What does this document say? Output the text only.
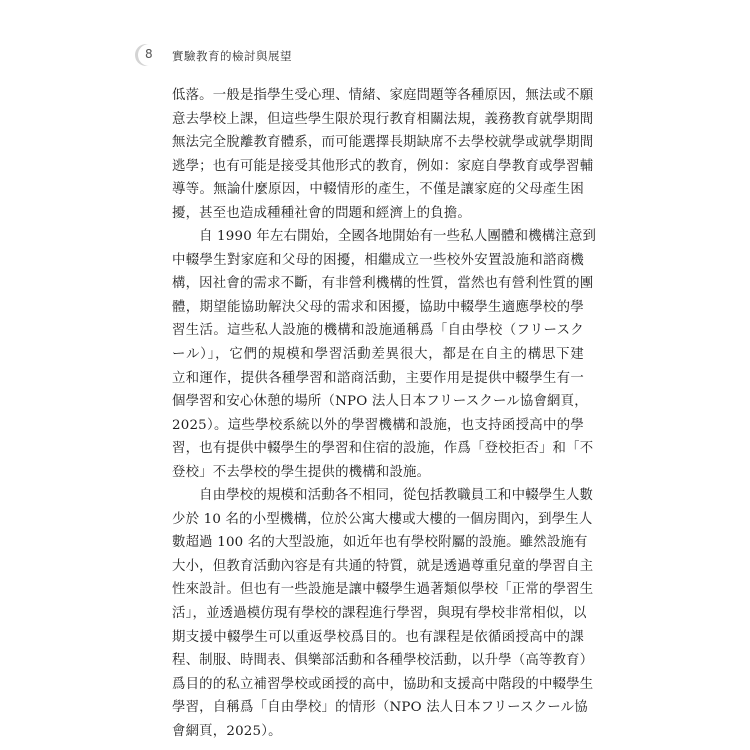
8 實驗教育的檢討與展望
低落。一般是指學生受心理、情緒、家庭問題等各種原因，無法或不願
意去學校上課，但這些學生限於現行教育相關法規，義務教育就學期間
無法完全脫離教育體系，而可能選擇長期缺席不去學校就學或就學期間
逃學；也有可能是接受其他形式的教育，例如：家庭自學教育或學習輔
導等。無論什麼原因，中輟情形的產生，不僅是讓家庭的父母產生困
擾，甚至也造成種種社會的問題和經濟上的負擔。
自 1990 年左右開始，全國各地開始有一些私人團體和機構注意到
中輟學生對家庭和父母的困擾，相繼成立一些校外安置設施和諮商機
構，因社會的需求不斷，有非營利機構的性質，當然也有營利性質的團
體，期望能協助解決父母的需求和困擾，協助中輟學生適應學校的學
習生活。這些私人設施的機構和設施通稱爲「自由學校（フリースク
ール）」，它們的規模和學習活動差異很大，都是在自主的構思下建
立和運作，提供各種學習和諮商活動，主要作用是提供中輟學生有一
個學習和安心休憩的場所（NPO 法人日本フリースクール協會網頁，
2025）。這些學校系統以外的學習機構和設施，也支持函授高中的學
習，也有提供中輟學生的學習和住宿的設施，作爲「登校拒否」和「不
登校」不去學校的學生提供的機構和設施。
自由學校的規模和活動各不相同，從包括教職員工和中輟學生人數
少於 10 名的小型機構，位於公寓大樓或大樓的一個房間內，到學生人
數超過 100 名的大型設施，如近年也有學校附屬的設施。雖然設施有
大小，但教育活動內容是有共通的特質，就是透過尊重兒童的學習自主
性來設計。但也有一些設施是讓中輟學生過著類似學校「正常的學習生
活」，並透過模仿現有學校的課程進行學習，與現有學校非常相似，以
期支援中輟學生可以重返學校爲目的。也有課程是依循函授高中的課
程、制服、時間表、俱樂部活動和各種學校活動，以升學（高等教育）
爲目的的私立補習學校或函授的高中，協助和支援高中階段的中輟學生
學習，自稱爲「自由學校」的情形（NPO 法人日本フリースクール協
會網頁，2025）。
